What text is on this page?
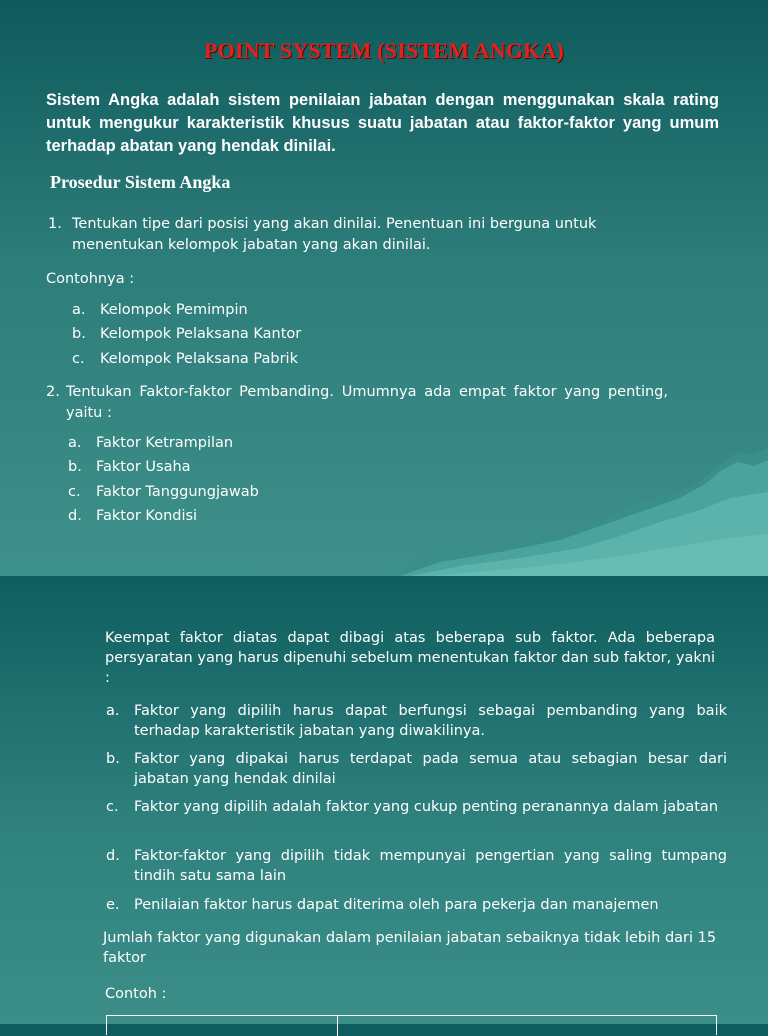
POINT SYSTEM (SISTEM ANGKA)

Sistem Angka adalah sistem penilaian jabatan dengan menggunakan skala rating untuk mengukur karakteristik khusus suatu jabatan atau faktor-faktor yang umum terhadap abatan yang hendak dinilai.

Prosedur Sistem Angka
1. Tentukan tipe dari posisi yang akan dinilai. Penentuan ini berguna untuk menentukan kelompok jabatan yang akan dinilai.

Contohnya :
a. Kelompok Pemimpin
b. Kelompok Pelaksana Kantor
c. Kelompok Pelaksana Pabrik
2. Tentukan Faktor-faktor Pembanding. Umumnya ada empat faktor yang penting, yaitu :

a. Faktor Ketrampilan
b. Faktor Usaha
c. Faktor Tanggungjawab
d. Faktor Kondisi

Keempat faktor diatas dapat dibagi atas beberapa sub faktor. Ada beberapa persyaratan yang harus dipenuhi sebelum menentukan faktor dan sub faktor, yakni :

a. Faktor yang dipilih harus dapat berfungsi sebagai pembanding yang baik terhadap karakteristik jabatan yang diwakilinya.

b. Faktor yang dipakai harus terdapat pada semua atau sebagian besar dari jabatan yang hendak dinilai

c. Faktor yang dipilih adalah faktor yang cukup penting peranannya dalam jabatan

d. Faktor-faktor yang dipilih tidak mempunyai pengertian yang saling tumpang tindih satu sama lain

e. Penilaian faktor harus dapat diterima oleh para pekerja dan manajemen

Jumlah faktor yang digunakan dalam penilaian jabatan sebaiknya tidak lebih dari 15 faktor

Contoh :
